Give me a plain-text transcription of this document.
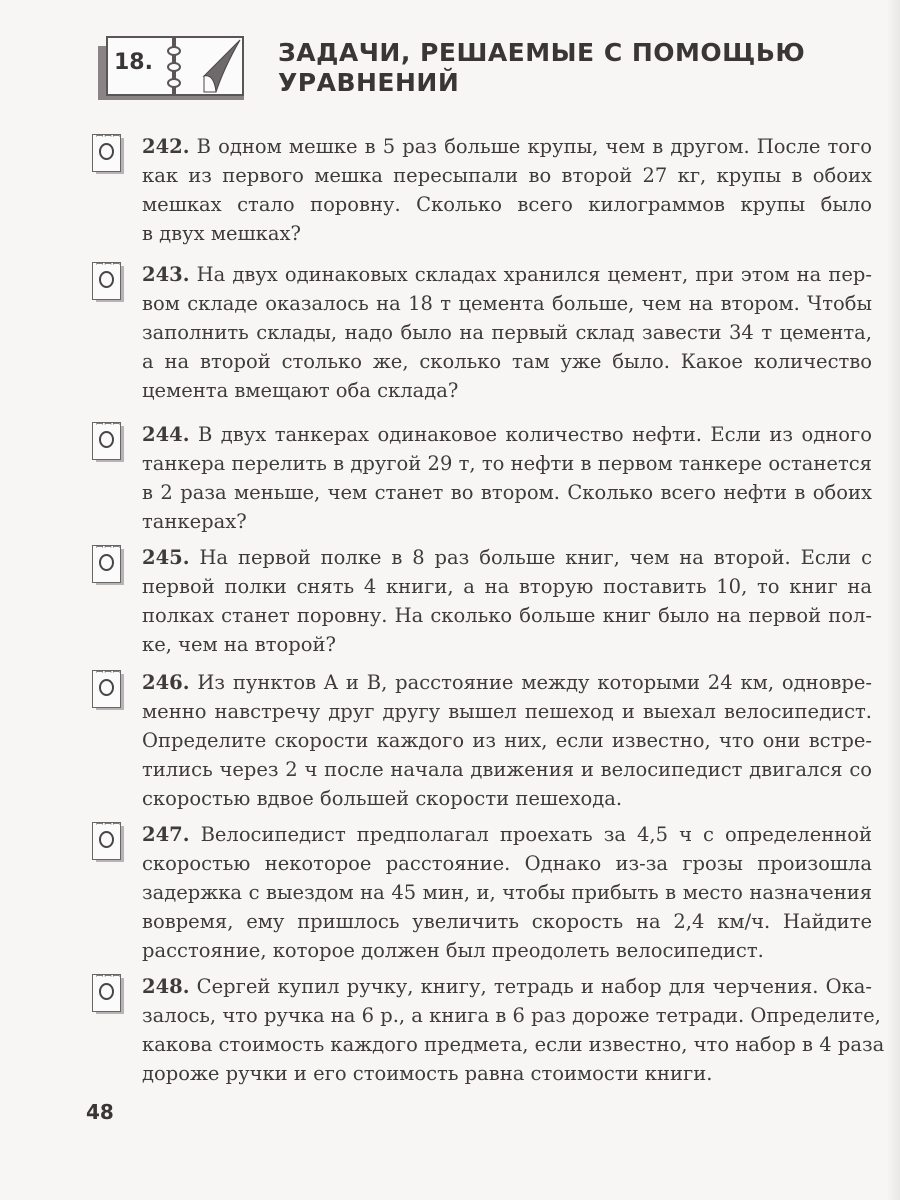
18.	ЗАДАЧИ, РЕШАЕМЫЕ С ПОМОЩЬЮ
УРАВНЕНИЙ
ꟷꟷꟷ 242. В одном мешке в 5 раз больше крупы, чем в другом. После того
как из первого мешка пересыпали во второй 27 кг, крупы в обоих
мешках стало поровну. Сколько всего килограммов крупы было
в двух мешках?
ꟷꟷꟷ 243. На двух одинаковых складах хранился цемент, при этом на пер-
вом складе оказалось на 18 т цемента больше, чем на втором. Чтобы
заполнить склады, надо было на первый склад завести 34 т цемента,
а на второй столько же, сколько там уже было. Какое количество
цемента вмещают оба склада?
ꟷꟷꟷ 244. В двух танкерах одинаковое количество нефти. Если из одного
танкера перелить в другой 29 т, то нефти в первом танкере останется
в 2 раза меньше, чем станет во втором. Сколько всего нефти в обоих
танкерах?
ꟷꟷꟷ 245. На первой полке в 8 раз больше книг, чем на второй. Если с
первой полки снять 4 книги, а на вторую поставить 10, то книг на
полках станет поровну. На сколько больше книг было на первой пол-
ке, чем на второй?
ꟷꟷꟷ 246. Из пунктов A и B, расстояние между которыми 24 км, одновре-
менно навстречу друг другу вышел пешеход и выехал велосипедист.
Определите скорости каждого из них, если известно, что они встре-
тились через 2 ч после начала движения и велосипедист двигался со
скоростью вдвое большей скорости пешехода.
ꟷꟷꟷ 247. Велосипедист предполагал проехать за 4,5 ч с определенной
скоростью некоторое расстояние. Однако из-за грозы произошла
задержка с выездом на 45 мин, и, чтобы прибыть в место назначения
вовремя, ему пришлось увеличить скорость на 2,4 км/ч. Найдите
расстояние, которое должен был преодолеть велосипедист.
ꟷꟷꟷ 248. Сергей купил ручку, книгу, тетрадь и набор для черчения. Ока-
залось, что ручка на 6 р., а книга в 6 раз дороже тетради. Определите,
какова стоимость каждого предмета, если известно, что набор в 4 раза
дороже ручки и его стоимость равна стоимости книги.
48
